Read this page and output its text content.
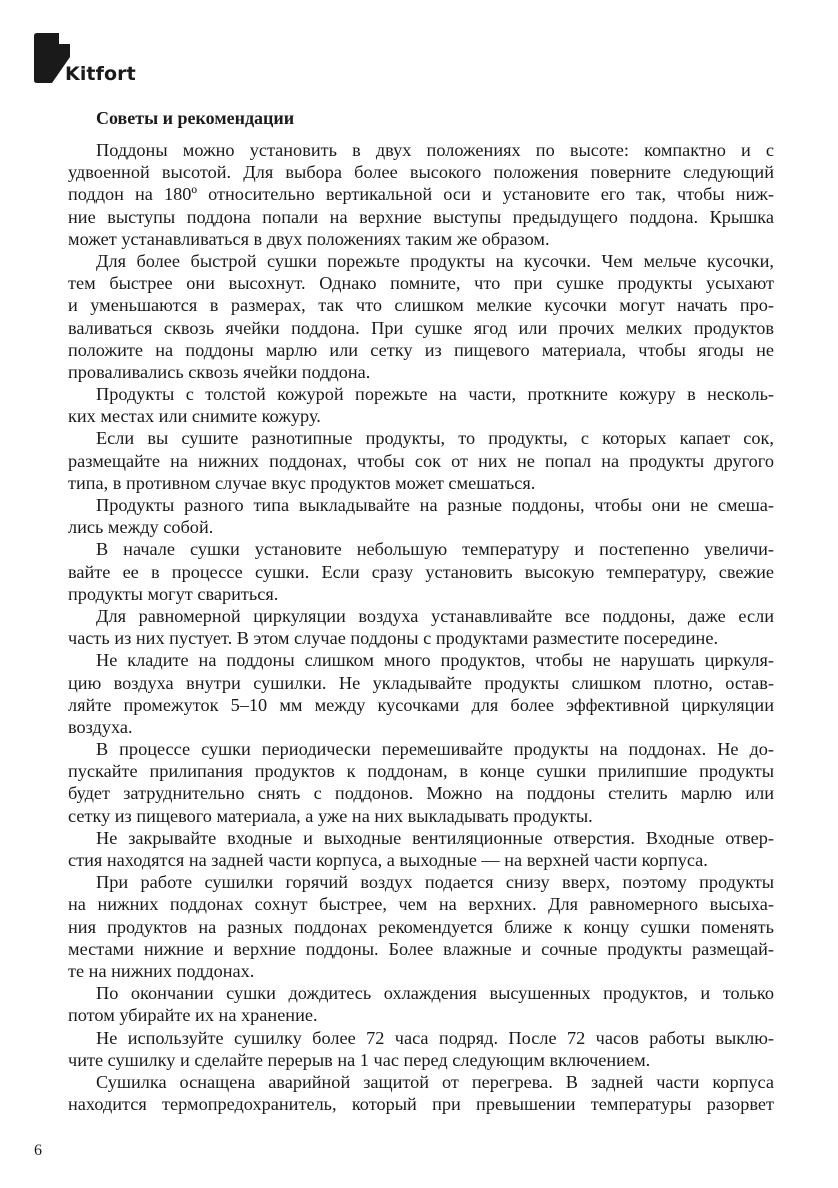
Kitfort
Советы и рекомендации
Поддоны можно установить в двух положениях по высоте: компактно и с
удвоенной высотой. Для выбора более высокого положения поверните следующий
поддон на 180º относительно вертикальной оси и установите его так, чтобы ниж-
ние выступы поддона попали на верхние выступы предыдущего поддона. Крышка
может устанавливаться в двух положениях таким же образом.
Для более быстрой сушки порежьте продукты на кусочки. Чем мельче кусочки,
тем быстрее они высохнут. Однако помните, что при сушке продукты усыхают
и уменьшаются в размерах, так что слишком мелкие кусочки могут начать про-
валиваться сквозь ячейки поддона. При сушке ягод или прочих мелких продуктов
положите на поддоны марлю или сетку из пищевого материала, чтобы ягоды не
проваливались сквозь ячейки поддона.
Продукты с толстой кожурой порежьте на части, проткните кожуру в несколь-
ких местах или снимите кожуру.
Если вы сушите разнотипные продукты, то продукты, с которых капает сок,
размещайте на нижних поддонах, чтобы сок от них не попал на продукты другого
типа, в противном случае вкус продуктов может смешаться.
Продукты разного типа выкладывайте на разные поддоны, чтобы они не смеша-
лись между собой.
В начале сушки установите небольшую температуру и постепенно увеличи-
вайте ее в процессе сушки. Если сразу установить высокую температуру, свежие
продукты могут свариться.
Для равномерной циркуляции воздуха устанавливайте все поддоны, даже если
часть из них пустует. В этом случае поддоны с продуктами разместите посередине.
Не кладите на поддоны слишком много продуктов, чтобы не нарушать циркуля-
цию воздуха внутри сушилки. Не укладывайте продукты слишком плотно, остав-
ляйте промежуток 5–10 мм между кусочками для более эффективной циркуляции
воздуха.
В процессе сушки периодически перемешивайте продукты на поддонах. Не до-
пускайте прилипания продуктов к поддонам, в конце сушки прилипшие продукты
будет затруднительно снять с поддонов. Можно на поддоны стелить марлю или
сетку из пищевого материала, а уже на них выкладывать продукты.
Не закрывайте входные и выходные вентиляционные отверстия. Входные отвер-
стия находятся на задней части корпуса, а выходные — на верхней части корпуса.
При работе сушилки горячий воздух подается снизу вверх, поэтому продукты
на нижних поддонах сохнут быстрее, чем на верхних. Для равномерного высыха-
ния продуктов на разных поддонах рекомендуется ближе к концу сушки поменять
местами нижние и верхние поддоны. Более влажные и сочные продукты размещай-
те на нижних поддонах.
По окончании сушки дождитесь охлаждения высушенных продуктов, и только
потом убирайте их на хранение.
Не используйте сушилку более 72 часа подряд. После 72 часов работы выклю-
чите сушилку и сделайте перерыв на 1 час перед следующим включением.
Сушилка оснащена аварийной защитой от перегрева. В задней части корпуса
находится термопредохранитель, который при превышении температуры разорвет
6
